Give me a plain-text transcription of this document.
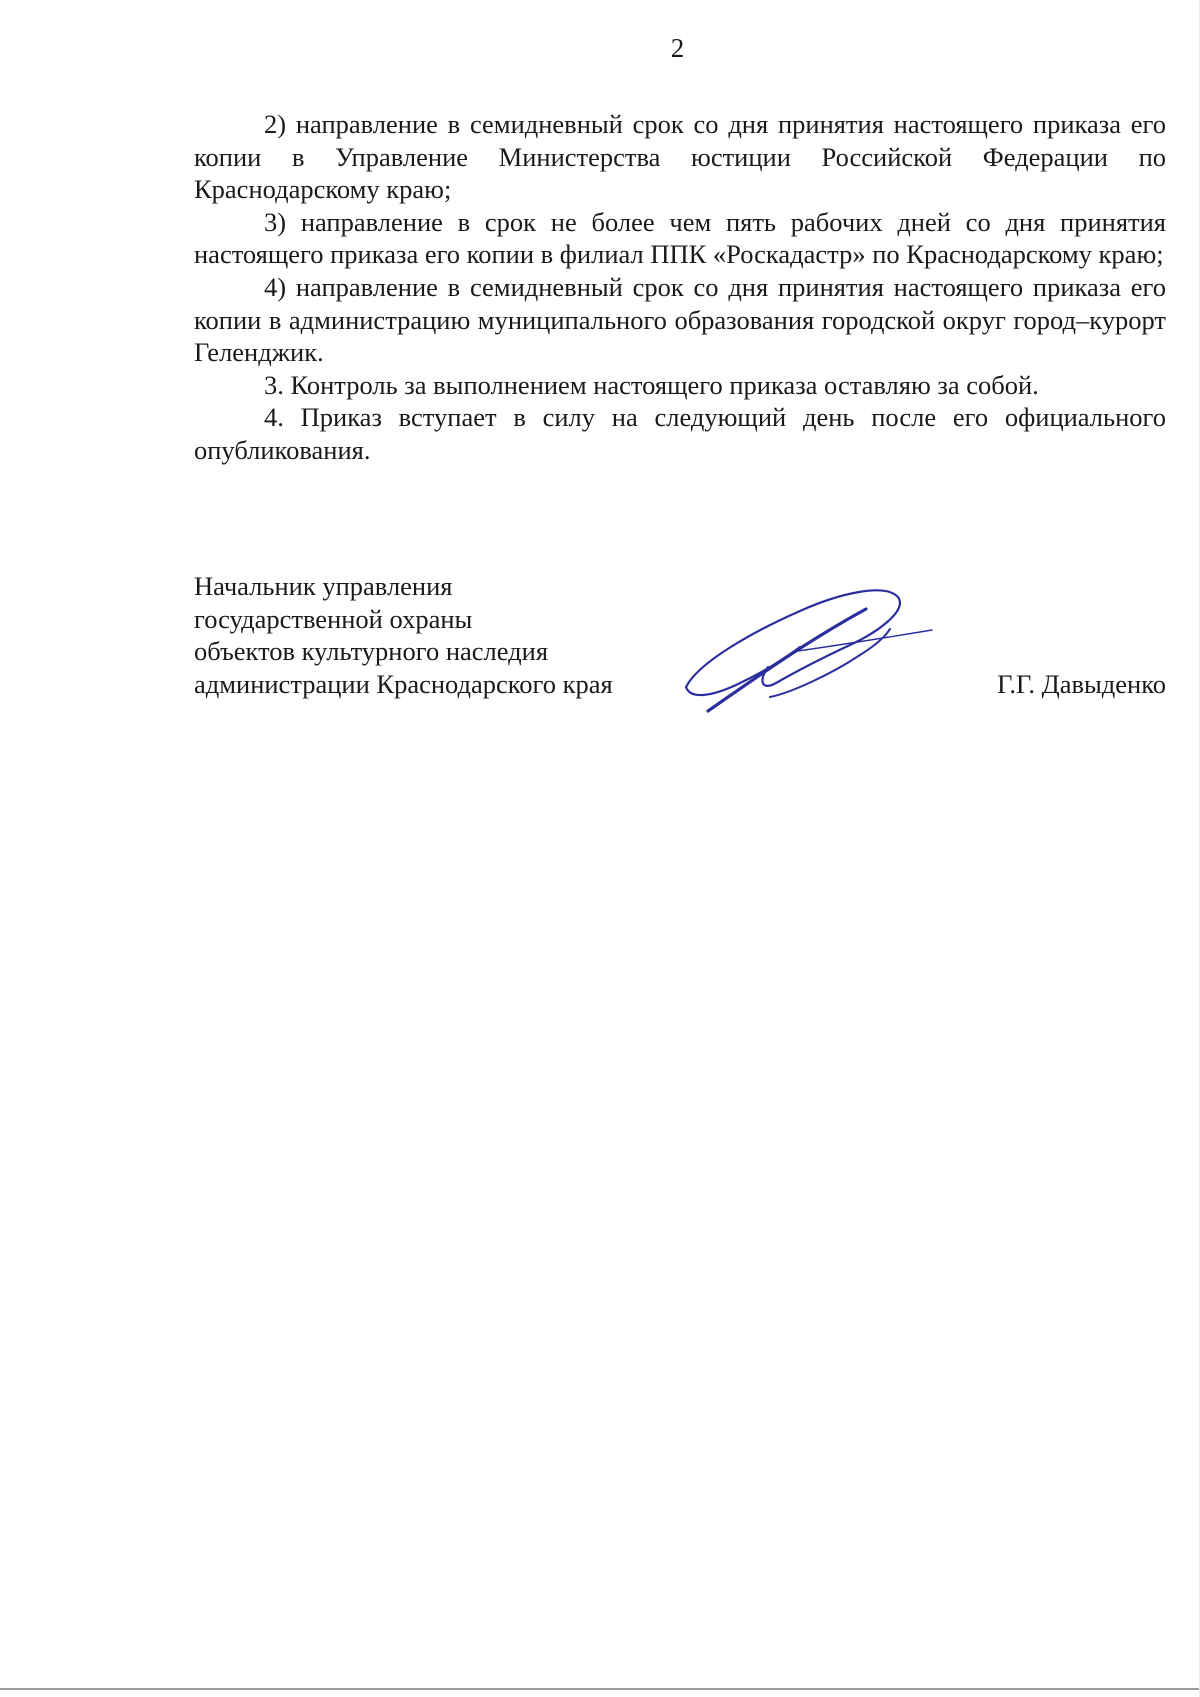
2

2) направление в семидневный срок со дня принятия настоящего приказа его копии в Управление Министерства юстиции Российской Федерации по Краснодарскому краю;

3) направление в срок не более чем пять рабочих дней со дня принятия настоящего приказа его копии в филиал ППК «Роскадастр» по Краснодарскому краю;

4) направление в семидневный срок со дня принятия настоящего приказа его копии в администрацию муниципального образования городской округ город–курорт Геленджик.

3. Контроль за выполнением настоящего приказа оставляю за собой.

4. Приказ вступает в силу на следующий день после его официального опубликования.

Начальник управления
государственной охраны
объектов культурного наследия
администрации Краснодарского края	Г.Г. Давыденко
